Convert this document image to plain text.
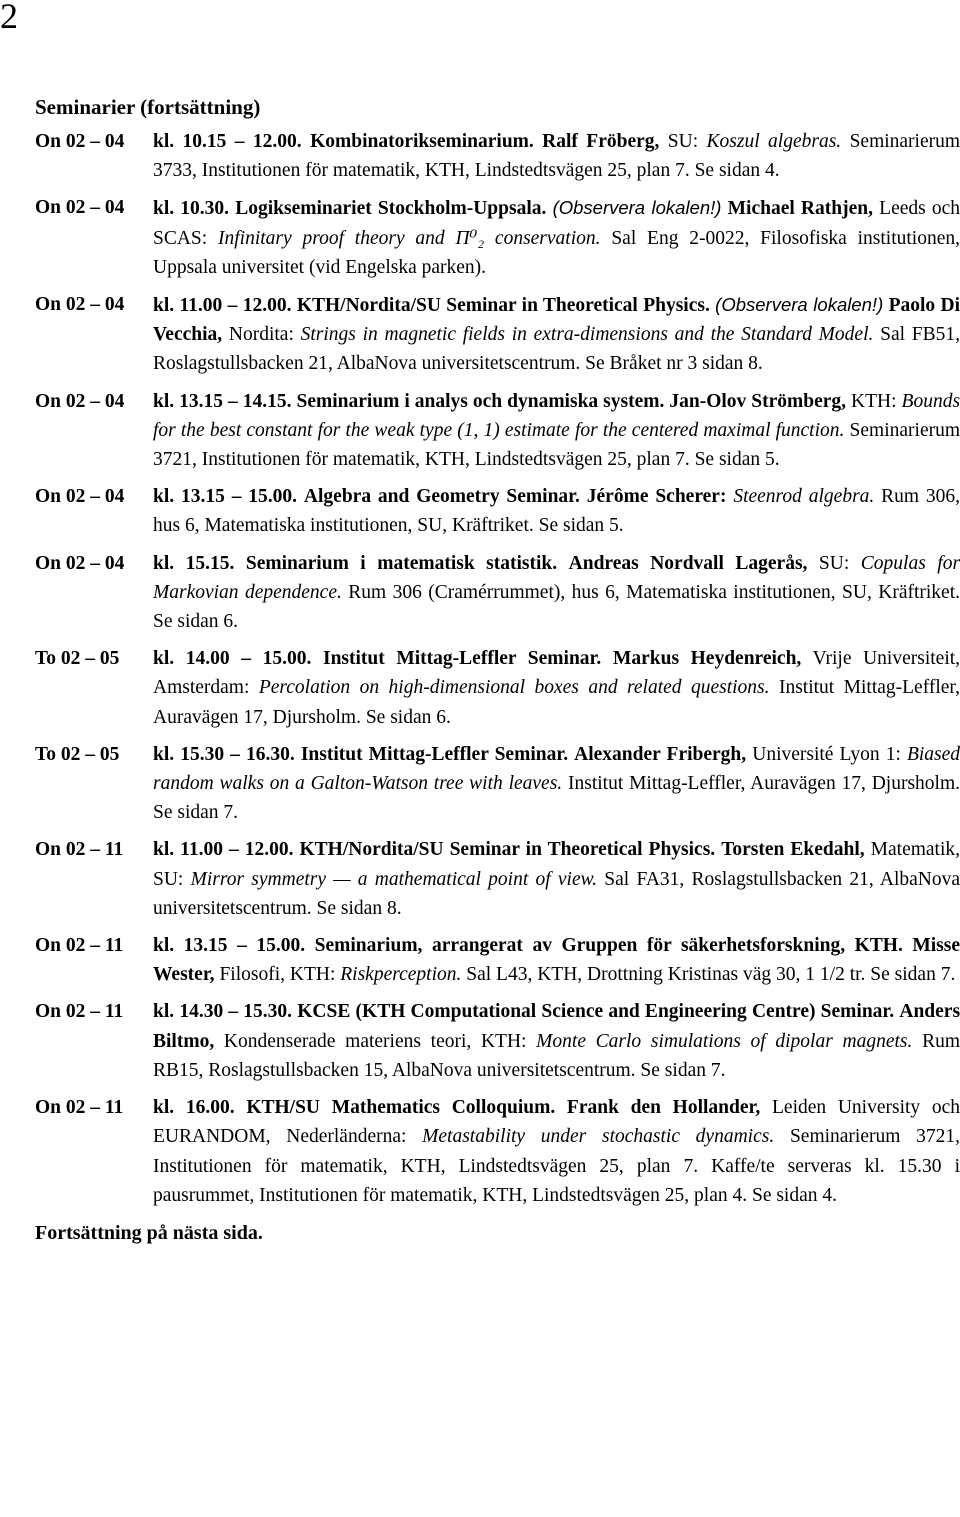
2
Seminarier (fortsättning)
On 02 – 04 kl. 10.15 – 12.00. Kombinatorikseminarium. Ralf Fröberg, SU: Koszul algebras. Seminarierum 3733, Institutionen för matematik, KTH, Lindstedtsvägen 25, plan 7. Se sidan 4.
On 02 – 04 kl. 10.30. Logikseminariet Stockholm-Uppsala. (Observera lokalen!) Michael Rathjen, Leeds och SCAS: Infinitary proof theory and Π⁰₂ conservation. Sal Eng 2-0022, Filosofiska institutionen, Uppsala universitet (vid Engelska parken).
On 02 – 04 kl. 11.00 – 12.00. KTH/Nordita/SU Seminar in Theoretical Physics. (Observera lokalen!) Paolo Di Vecchia, Nordita: Strings in magnetic fields in extra-dimensions and the Standard Model. Sal FB51, Roslagstullsbacken 21, AlbaNova universitetscentrum. Se Bråket nr 3 sidan 8.
On 02 – 04 kl. 13.15 – 14.15. Seminarium i analys och dynamiska system. Jan-Olov Strömberg, KTH: Bounds for the best constant for the weak type (1, 1) estimate for the centered maximal function. Seminarierum 3721, Institutionen för matematik, KTH, Lindstedtsvägen 25, plan 7. Se sidan 5.
On 02 – 04 kl. 13.15 – 15.00. Algebra and Geometry Seminar. Jérôme Scherer: Steenrod algebra. Rum 306, hus 6, Matematiska institutionen, SU, Kräftriket. Se sidan 5.
On 02 – 04 kl. 15.15. Seminarium i matematisk statistik. Andreas Nordvall Lagerås, SU: Copulas for Markovian dependence. Rum 306 (Cramérrummet), hus 6, Matematiska institutionen, SU, Kräftriket. Se sidan 6.
To 02 – 05 kl. 14.00 – 15.00. Institut Mittag-Leffler Seminar. Markus Heydenreich, Vrije Universiteit, Amsterdam: Percolation on high-dimensional boxes and related questions. Institut Mittag-Leffler, Auravägen 17, Djursholm. Se sidan 6.
To 02 – 05 kl. 15.30 – 16.30. Institut Mittag-Leffler Seminar. Alexander Fribergh, Université Lyon 1: Biased random walks on a Galton-Watson tree with leaves. Institut Mittag-Leffler, Auravägen 17, Djursholm. Se sidan 7.
On 02 – 11 kl. 11.00 – 12.00. KTH/Nordita/SU Seminar in Theoretical Physics. Torsten Ekedahl, Matematik, SU: Mirror symmetry — a mathematical point of view. Sal FA31, Roslagstullsbacken 21, AlbaNova universitetscentrum. Se sidan 8.
On 02 – 11 kl. 13.15 – 15.00. Seminarium, arrangerat av Gruppen för säkerhetsforskning, KTH. Misse Wester, Filosofi, KTH: Riskperception. Sal L43, KTH, Drottning Kristinas väg 30, 1 1/2 tr. Se sidan 7.
On 02 – 11 kl. 14.30 – 15.30. KCSE (KTH Computational Science and Engineering Centre) Seminar. Anders Biltmo, Kondenserade materiens teori, KTH: Monte Carlo simulations of dipolar magnets. Rum RB15, Roslagstullsbacken 15, AlbaNova universitetscentrum. Se sidan 7.
On 02 – 11 kl. 16.00. KTH/SU Mathematics Colloquium. Frank den Hollander, Leiden University och EURANDOM, Nederländerna: Metastability under stochastic dynamics. Seminarierum 3721, Institutionen för matematik, KTH, Lindstedtsvägen 25, plan 7. Kaffe/te serveras kl. 15.30 i pausrummet, Institutionen för matematik, KTH, Lindstedtsvägen 25, plan 4. Se sidan 4.
Fortsättning på nästa sida.
